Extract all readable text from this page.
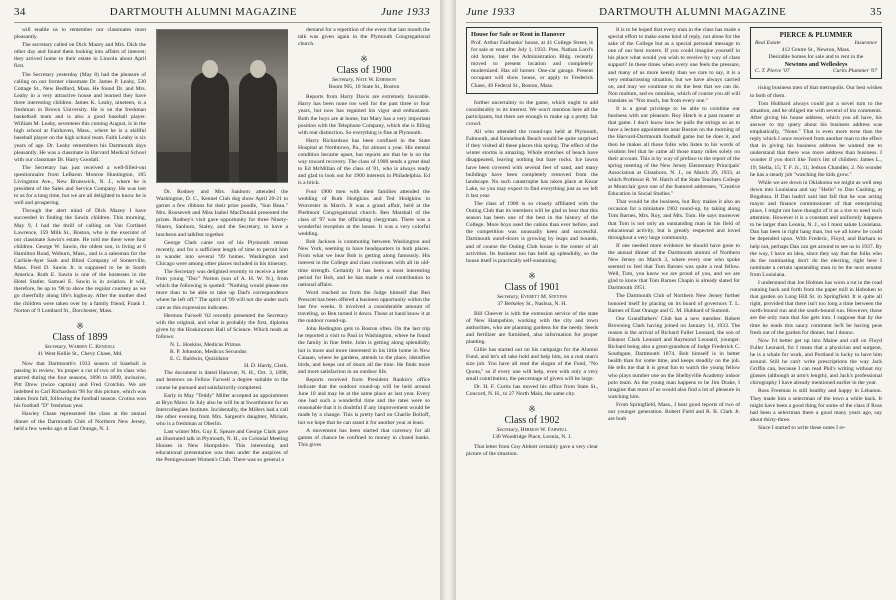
34	DARTMOUTH ALUMNI MAGAZINE	June 1933

will enable us to remember our classmates most pleasantly.

The secretary called on Dick Mazey and Mrs. Dick the other day and found them looking into affairs of interest; they arrived home to their estate in Lincoln about April first.

The Secretary yesterday (May 8) had the pleasure of calling on our former classmate Dr. James P. Leahy, 530 Cottage St., New Bedford, Mass. He found Dr. and Mrs. Leahy in a very attractive house and learned they have three interesting children. James K. Leahy, nineteen, is a freshman in Brown University. He is on the freshman basketball team and is also a good baseball player. William M. Leahy, seventeen this coming August, is in the high school at Fairhaven, Mass., where he is a skillful baseball player on the high school team. Faith Leahy is six years of age. Dr. Leahy remembers his Dartmouth days pleasantly. He was a classmate in Harvard Medical School with our classmate Dr. Harry Goodall.

The Secretary has just received a well-filled-out questionnaire from LeBaron Monroe Huntington, 185 Livingston Ave., New Brunswick, N. J., where he is president of the Sales and Service Company. He was lost to us for a long time, but we are all delighted to know he is well and prospering.

Through the alert mind of Dick Mazey I have succeeded in finding the Sawin children. This morning, May 9, I had the thrill of calling on Van Cortland Lawrence, 159 Milk St., Boston, who is the executor of our classmate Sawin's estate. He told me there were four children. George W. Sawin, the oldest son, is living at 6 Hamilton Road, Woburn, Mass., and is a salesman for the Carlisle-Ayer Sash and Blind Company of Somerville, Mass. Fred D. Sawin Jr. is supposed to be in South America. Ruth E. Sawin is one of the hostesses in the Hotel Statler. Samuel E. Sawin is in aviation. It will, therefore, be up to '98 to show the regular courtesy as we go cheerfully along life's highway. After the mother died the children were taken over by a family friend, Frank J. Norton of 9 Lombard St., Dorchester, Mass.

※
Class of 1899
Secretary, Warren C. Kendall
41 West Kellie St., Chevy Chase, Md.

Now that Dartmouth's 1933 season of baseball is passing in review, 'tis proper a cut of two of its class who starred during the four seasons, 1896 to 1899, inclusive, Pitt Drew (twice captain) and Fred Crotchin. We are indebted to Carl Richardson '98 for this picture, which was taken from fall, following the football season. Crotius won his football "D" freshman year.

Hawley Chase represented the class at the annual dinner of the Dartmouth Club of Northern New Jersey, held a few weeks ago at East Orange, N. J.

Dr. Rodney and Mrs. Sanborn attended the Washington, D. C., Kennel Club dog show April 20-21 to garner a few ribbons for their prize poodle, "Sun Beau." Mrs. Roosevelt and Miss Isabel MacDonald presented the prizes. Rodney's visit gave opportunity for three Ninety-Niners, Sanborn, Staley, and the Secretary, to have a luncheon and talkfest together.

George Clark came out of his Plymouth retreat recently, and for a sufficient length of time to permit him to wander into several '99 homes. Washington and Chicago were among other places included in his itinerary.

The Secretary was delighted recently to receive a letter from young "Doc" Norton (son of A. H. W. N.), from which the following is quoted: "Nothing would please me more than to be able to take up Dad's correspondence where he left off." The spirit of '99 will not die under such care as this expression indicates.

Hermon Farwell '02 recently presented the Secretary with the original, and what is probably the first, diploma given by the Hoskinorum Hall of Science. Which reads as follows:

N. L. Hoskins, Medicus Primus
R. P. Johnston, Medicus Secundus
E. G. Baldwin, Quizidator
H. D. Hardy, Clerk.

The document is dated Hanover, N. H., Oct. 3, 1898, and bestows on Fellow Farwell a degree suitable to the course he pursued and satisfactorily completed.

Early in May "Teddy" Miller accepted an appointment at Bryn Mawr. In July also he will be at Swarthmore for an Intercollegiate Institute. Incidentally, the Millers had a call the other evening from Mrs. Sargent's daughter, Miriam, who is a freshman at Oberlin.

Last winter Mrs. Guy E. Speare and George Clark gave an illustrated talk in Plymouth, N. H., on Colonial Meeting Houses in New Hampshire. This interesting and educational presentation was then under the auspices of the Pemigewasset Women's Club. There was so general a

demand for a repetition of the event that last month the talk was given again in the Plymouth Congregational church.

※
Class of 1900
Secretary, Nate W. Emerson
Room 905, 10 State St., Boston

Reports from Harry Davis are extremely favorable. Harry has been none too well for the past three or four years, but now has regained his vigor and enthusiasm. Both the boys are at home, but Mary has a very important position with the Telephone Company, which she is filling with real distinction. So everything is fine at Plymouth.

Harry Richardson has been confined in the State Hospital at Northtown, Pa., for almost a year. His mental condition became upset, but reports are that he is on the way toward recovery. The class of 1900 sends a great deal to Ed McMillan of the class of '01, who is always ready and glad to look out for 1900 interests in Philadelphia. Ed is a brick.

Four 1900 men with their families attended the wedding of Ruth Hodgkins and Ted Hodgkins in Worcester in March. It was a grand affair, held at the Piedmont Congregational church. Ben Marshall of the class of '97 was the officiating clergyman. There was a wonderful reception at the house. It was a very colorful wedding.

Bob Jackson is commuting between Washington and New York, seeming to have headquarters in both places. From what we hear Bob is getting along famously. His interest in the College and class continues with all its old-time strength. Certainly it has been a most interesting period for Bob, and he has made a real contribution to national affairs.

Word reached us from the Judge himself that Ben Prescott has been offered a business opportunity within the last few weeks. It involved a considerable amount of traveling, so Ben turned it down. Those at hand know it at the outdoor round-up.

John Redington gets to Boston often. On the last trip he reported a visit to Paul in Washington, where he found the family in fine fettle. John is getting along splendidly, but is more and more interested in his little home in New Canaan, where he gardens, attends to the place, identifies birds, and keeps out of doors all the time. He finds more and more satisfaction in an outdoor life.

Reports received from President Rankin's office indicate that the outdoor round-up will be held around June 10 and may be at the same place as last year. Every one had such a wonderful time and the rates were so reasonable that it is doubtful if any improvement would be made by a change. This is pretty hard on Charlie Bolloff, but we hope that he can stand it for another year at least.

A movement has been started that currency for all games of chance be confined to money in closed banks. This gives

June 1933	DARTMOUTH ALUMNI MAGAZINE	35
House for Sale or Rent in Hanover
Prof. Arthur Fairbanks' house, at 41 College Street, is for sale or rent after July 1, 1933. Pres. Nathan Lord's old home, later the Administration Bldg. recently moved to present location and completely modernized. Has oil burner. One-car garage. Present occupant will show house, or apply to Frederick Chase, 49 Federal St., Boston, Mass.

further uncertainty to the game, which ought to add considerably to its interest. We won't mention here all the participants, but there are enough to make up a pretty fair crowd.

All who attended the round-ups held at Plymouth, Falmouth, and Kennebunk Beach would be quite surprised if they visited all these places this spring. The effect of the winter storms is amazing. Whole stretches of beach have disappeared, leaving nothing but bare rocks. Ice lawns have been covered with several feet of sand, and many buildings have been completely removed from the landscape. No such catastrophe has taken place at Kezar Lake, so you may expect to find everything just as we left it last year.

The class of 1900 is so closely affiliated with the Outing Club that its members will be glad to hear that this season has been one of the best in the history of the College. More boys used the cabins than ever before, and the competition was unusually keen and successful. Dartmouth outof-doors is growing by leaps and bounds, and of course the Outing Club house is the center of all activities. Its business too has held up splendidly, so the house itself is practically self-sustaining.

※
Class of 1901
Secretary, Everett M. Stevens
37 Berkeley St., Nashua, N. H.

Bill Cheever is with the extension service of the state of New Hampshire, working with the city and town authorities, who are planning gardens for the needy. Seeds and fertilizer are furnished, also information for proper planting.

Gillie has started out on his campaign for the Alumni Fund, and let's all take hold and help him, on a real man's size job. You have all read the slogan of the Fund, "No Quota," so if every one will help, even with only a very small contribution, the percentage of givers will be large.

Dr. H. F. Curtis has moved his office from State St., Concord, N. H., to 27 North Main, the same city.

※
Class of 1902
Secretary, Hermon W. Farwell
130 Woodridge Place, Leonia, N. J.

That letter from Guy Abbott certainly gave a very clear picture of the situation.

It is to be hoped that every man in the class has made a special effort to make some kind of reply, not alone for the sake of the College but as a special personal message to one of our best rooters. If you could imagine yourself in his place what would you wish to receive by way of class support? In these times when every one feels the pressure, and many of us more keenly than we care to say, it is a very embarrassing situation, but we have always carried on, and may we continue to do the best that we can do. Non multum, sed ex omnibus, which of course you all will translate as "Not much, but from every one."

It is a great privilege to be able to combine our business with our pleasure. Roy Hatch is a past master at that game. I don't know how he pulls the strings so as to have a lecture appointment near Boston on the morning of the Harvard-Dartmouth football game but he does it, and then he makes all those folks who listen to his words of wisdom feel that he came all those many miles solely on their account. This is by way of preface to the report of the spring meeting of the New Jersey Elementary Principals' Association at Glassboro, N. J., on March 29, 1933, at which Professor R. W. Hatch of the State Teachers College at Montclair gave one of the featured addresses, "Creative Education in Social Studies."

That would be the business, but Roy makes it also an occasion for a miniature 1902 round-up, by taking along Tom Barnes, Mrs. Roy, and Mrs. Tom. He says moreover that Tom is not only an outstanding man in his field of educational activity, but is greatly respected and loved throughout a very large community.

If one needed more evidence he should have gone to the annual dinner of the Dartmouth alumni of Northern New Jersey on March 3, where every one who spoke seemed to feel that Tom Barnes was quite a real fellow. Well, Tom, you know we are proud of you, and we are glad to know that Tom Barnes Chapin is already slated for Dartmouth 1951.

The Dartmouth Club of Northern New Jersey further honored itself by placing on its board of governors T. L. Barnes of East Orange and G. M. Hubbard of Summit.

Our Grandfathers' Club has a new member. Robert Browning Clark having joined on January 14, 1933. The reason is the arrival of Richard Fuller Leonard, the son of Eleanor Clark Leonard and Raymond Leonard, younger. Richard being also a great-grandson of Judge Frederick C. Southgate, Dartmouth 1874. Bob himself is in better health than for some time, and keeps steadily on the job. He tells me that it is great fun to watch the young fellow who plays number one on the Shelbyville Academy indoor polo team. As the young man happens to be Jim Drake, I imagine that most of us would also find a lot of pleasure in watching him.

From Springfield, Mass., I hear good reports of two of our younger generation. Robert Field and R. B. Clark Jr. are both

PIERCE & PLUMMER
Real Estate	Insurance
412 Centre St., Newton, Mass.
Desirable homes for sale and to rent in the
Newtons and Wellesleys
C. T. Pierce '07	Curtis Plummer '07

rising business men of that metropolis. Our best wishes to both of them.

Tom Hubbard always could put a novel turn to the situation, and he obliged me with several of his comments. After giving his house address, which you all have, his answer to my query about his business address was emphatically, "None." That is even more terse than the reply which I once received from another man to the effect that in giving his business address he wanted me to understand that there was more address than business. I wonder if you don't like Tom's list of children: James L., 19; Stella, 15; T. F. Jr., 11; Jedson Chandler, 2. No wonder he has a steady job "watching the kids grow."

While we are down in Oklahoma we might as well step down into Louisiana and say "Hello" to Dan Cushing, at Bogalusa. If Dan hadn't said last fall that he was acting mayor and finance commissioner of that enterprising place, I might not have thought of it as a tire to need such attention. However it is a constant and uniformly happens to be larger than Leonia, N. J., so I must salute Louisiana. Dan has been in right hang man, but we all knew he could be depended upon. With Frederic, Floyd, and Barbara to help out, perhaps Dan can get around to see us in 1937. By the way, I have an idea, since they say that the folks who do the nominating don't do the electing, right here I nominate a certain upstanding man to be the next senator from Louisiana.

I understand that Joe Holmes has worn a rut in the road running back and forth from the paper mill in Hoboken to that garden on Long Hill St. in Springfield. It is quite all right, provided that there isn't too long a time between the north-bound run and the south-bound run. However, those are the only runs that Joe gets into. I suppose that by the time he reads this saucy comment he'll be having peas fresh out of the garden for dinner, but I dunno.

Now I'd better get up into Maine and call on Floyd Fuller Leonard, for I mean that a physician and surgeon, he is a whale for work, and Portland is lucky to have him around. Still he can't write prescriptions the way Jack Griffin can, because I can read Phil's writing without my glasses (although at arm's length), and Jack's professional chirography I have already mentioned earlier in the year.

Ross Freeman is still healthy and happy in Lebanon. They made him a selectman of the town a while back. It might have been a good thing for some of the class if Ross had been a selectman there a good many years ago, say about thirty-three.

Since I started to write these notes I re-
